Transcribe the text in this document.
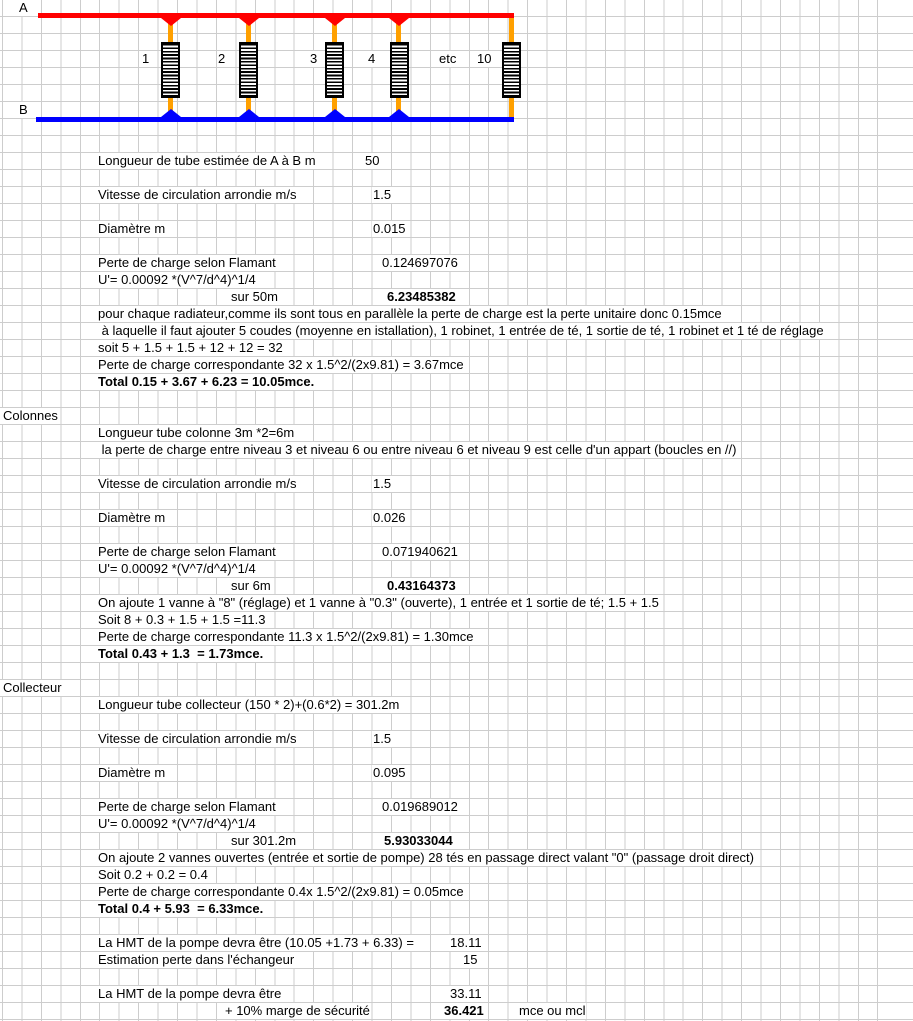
A
B
1	2	3	4	etc 10
Longueur de tube estimée de A à B m	50
Vitesse de circulation arrondie m/s	1.5
Diamètre m	0.015
Perte de charge selon Flamant	0.124697076
U'= 0.00092 *(V^7/d^4)^1/4
sur 50m	6.23485382
pour chaque radiateur,comme ils sont tous en parallèle la perte de charge est la perte unitaire donc 0.15mce
à laquelle il faut ajouter 5 coudes (moyenne en istallation), 1 robinet, 1 entrée de té, 1 sortie de té, 1 robinet et 1 té de réglage
soit 5 + 1.5 + 1.5 + 12 + 12 = 32
Perte de charge correspondante 32 x 1.5^2/(2x9.81) = 3.67mce
Total 0.15 + 3.67 + 6.23 = 10.05mce.
Colonnes
Longueur tube colonne 3m *2=6m
la perte de charge entre niveau 3 et niveau 6 ou entre niveau 6 et niveau 9 est celle d'un appart (boucles en //)
Vitesse de circulation arrondie m/s	1.5
Diamètre m	0.026
Perte de charge selon Flamant	0.071940621
U'= 0.00092 *(V^7/d^4)^1/4
sur 6m	0.43164373
On ajoute 1 vanne à "8" (réglage) et 1 vanne à "0.3" (ouverte), 1 entrée et 1 sortie de té; 1.5 + 1.5
Soit 8 + 0.3 + 1.5 + 1.5 =11.3
Perte de charge correspondante 11.3 x 1.5^2/(2x9.81) = 1.30mce
Total 0.43 + 1.3  = 1.73mce.
Collecteur
Longueur tube collecteur (150 * 2)+(0.6*2) = 301.2m
Vitesse de circulation arrondie m/s	1.5
Diamètre m	0.095
Perte de charge selon Flamant	0.019689012
U'= 0.00092 *(V^7/d^4)^1/4
sur 301.2m	5.93033044
On ajoute 2 vannes ouvertes (entrée et sortie de pompe) 28 tés en passage direct valant "0" (passage droit direct)
Soit 0.2 + 0.2 = 0.4
Perte de charge correspondante 0.4x 1.5^2/(2x9.81) = 0.05mce
Total 0.4 + 5.93  = 6.33mce.
La HMT de la pompe devra être (10.05 +1.73 + 6.33) =	18.11
Estimation perte dans l'échangeur	15
La HMT de la pompe devra être	33.11
+ 10% marge de sécurité	36.421	mce ou mcl
